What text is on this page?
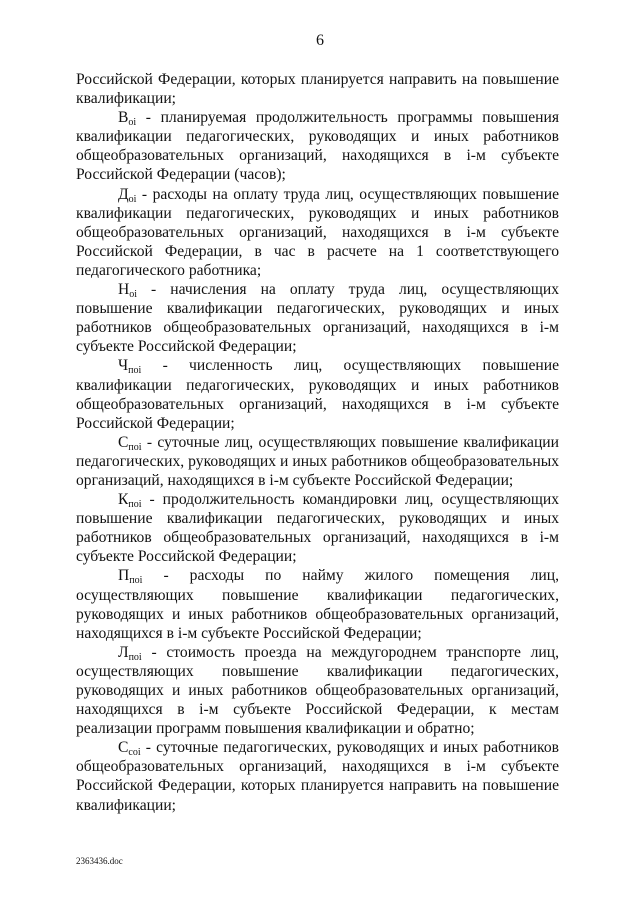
6

Российской Федерации, которых планируется направить на повышение квалификации;

$В_{oi}$ - планируемая продолжительность программы повышения квалификации педагогических, руководящих и иных работников общеобразовательных организаций, находящихся в i-м субъекте Российской Федерации (часов);

$Д_{oi}$ - расходы на оплату труда лиц, осуществляющих повышение квалификации педагогических, руководящих и иных работников общеобразовательных организаций, находящихся в i-м субъекте Российской Федерации, в час в расчете на 1 соответствующего педагогического работника;

$Н_{oi}$ - начисления на оплату труда лиц, осуществляющих повышение квалификации педагогических, руководящих и иных работников общеобразовательных организаций, находящихся в i-м субъекте Российской Федерации;

$Ч_{пoi}$ - численность лиц, осуществляющих повышение квалификации педагогических, руководящих и иных работников общеобразовательных организаций, находящихся в i-м субъекте Российской Федерации;

$С_{пoi}$ - суточные лиц, осуществляющих повышение квалификации педагогических, руководящих и иных работников общеобразовательных организаций, находящихся в i-м субъекте Российской Федерации;

$К_{пoi}$ - продолжительность командировки лиц, осуществляющих повышение квалификации педагогических, руководящих и иных работников общеобразовательных организаций, находящихся в i-м субъекте Российской Федерации;

$П_{пoi}$ - расходы по найму жилого помещения лиц, осуществляющих повышение квалификации педагогических, руководящих и иных работников общеобразовательных организаций, находящихся в i-м субъекте Российской Федерации;

$Л_{пoi}$ - стоимость проезда на междугороднем транспорте лиц, осуществляющих повышение квалификации педагогических, руководящих и иных работников общеобразовательных организаций, находящихся в i-м субъекте Российской Федерации, к местам реализации программ повышения квалификации и обратно;

$С_{coi}$ - суточные педагогических, руководящих и иных работников общеобразовательных организаций, находящихся в i-м субъекте Российской Федерации, которых планируется направить на повышение квалификации;

2363436.doc
